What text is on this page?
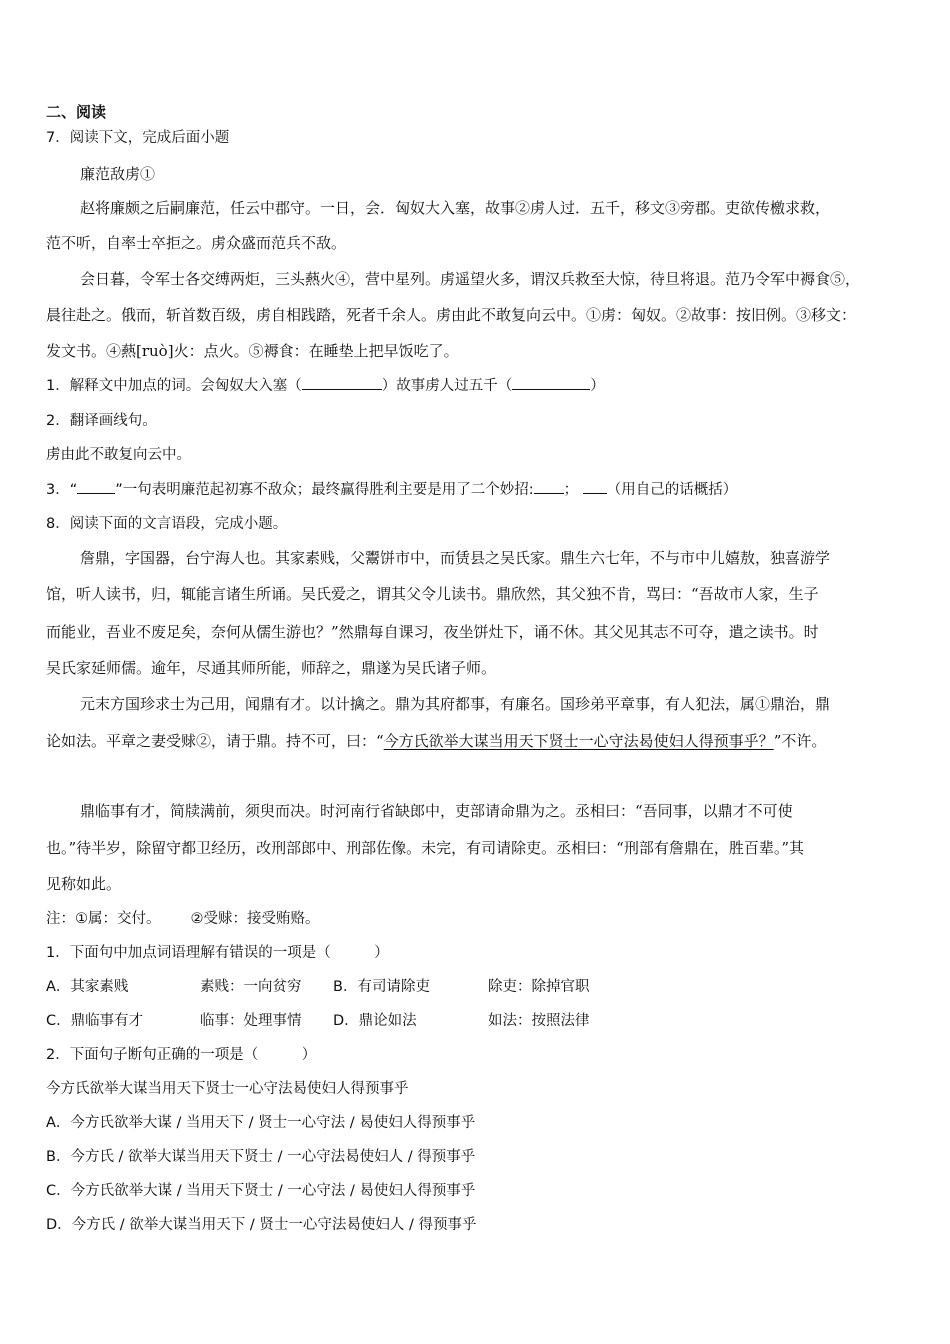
二、阅读
7．阅读下文，完成后面小题
廉范敌虏①
赵将廉颇之后嗣廉范，任云中郡守。一日，会．匈奴大入塞，故事②虏人过．五千，移文③旁郡。吏欲传檄求救，
范不听，自率士卒拒之。虏众盛而范兵不敌。
会日暮，令军士各交缚两炬，三头爇火④，营中星列。虏遥望火多，谓汉兵救至大惊，待旦将退。范乃令军中褥食⑤，
晨往赴之。俄而，斩首数百级，虏自相践踏，死者千余人。虏由此不敢复向云中。①虏：匈奴。②故事：按旧例。③移文：
发文书。④爇[ruò]火：点火。⑤褥食：在睡垫上把早饭吃了。
1．解释文中加点的词。会匈奴大入塞（	）故事虏人过五千（	）
2．翻译画线句。
虏由此不敢复向云中。
3．“	”一句表明廉范起初寡不敌众；最终赢得胜利主要是用了二个妙招: ； （用自己的话概括）
8．阅读下面的文言语段，完成小题。
詹鼎，字国器，台宁海人也。其家素贱，父鬻饼市中，而赁县之吴氏家。鼎生六七年，不与市中儿嬉敖，独喜游学
馆，听人读书，归，辄能言诸生所诵。吴氏爱之，谓其父令儿读书。鼎欣然，其父独不肯，骂曰：“吾故市人家，生子
而能业，吾业不废足矣，奈何从儒生游也？”然鼎每自课习，夜坐饼灶下，诵不休。其父见其志不可夺，遣之读书。时
吴氏家延师儒。逾年，尽通其师所能，师辞之，鼎遂为吴氏诸子师。
元末方国珍求士为己用，闻鼎有才。以计擒之。鼎为其府都事，有廉名。国珍弟平章事，有人犯法，属①鼎治，鼎
论如法。平章之妻受赇②，请于鼎。持不可，曰：“今方氏欲举大谋当用天下贤士一心守法曷使妇人得预事乎？”不许。
鼎临事有才，简牍满前，须臾而决。时河南行省缺郎中，吏部请命鼎为之。丞相曰：“吾同事，以鼎才不可使
也。”待半岁，除留守都卫经历，改刑部郎中、刑部佐像。未完，有司请除吏。丞相曰：“刑部有詹鼎在，胜百辈。”其
见称如此。
注：①属：交付。 ②受赇：接受贿赂。
1．下面句中加点词语理解有错误的一项是（　　　）
A．其家素贱	素贱：一向贫穷 B．有司请除吏	除吏：除掉官职
C．鼎临事有才	临事：处理事情 D．鼎论如法	如法：按照法律
2．下面句子断句正确的一项是（　　　）
今方氏欲举大谋当用天下贤士一心守法曷使妇人得预事乎
A．今方氏欲举大谋 / 当用天下 / 贤士一心守法 / 曷使妇人得预事乎
B．今方氏 / 欲举大谋当用天下贤士 / 一心守法曷使妇人 / 得预事乎
C．今方氏欲举大谋 / 当用天下贤士 / 一心守法 / 曷使妇人得预事乎
D．今方氏 / 欲举大谋当用天下 / 贤士一心守法曷使妇人 / 得预事乎
